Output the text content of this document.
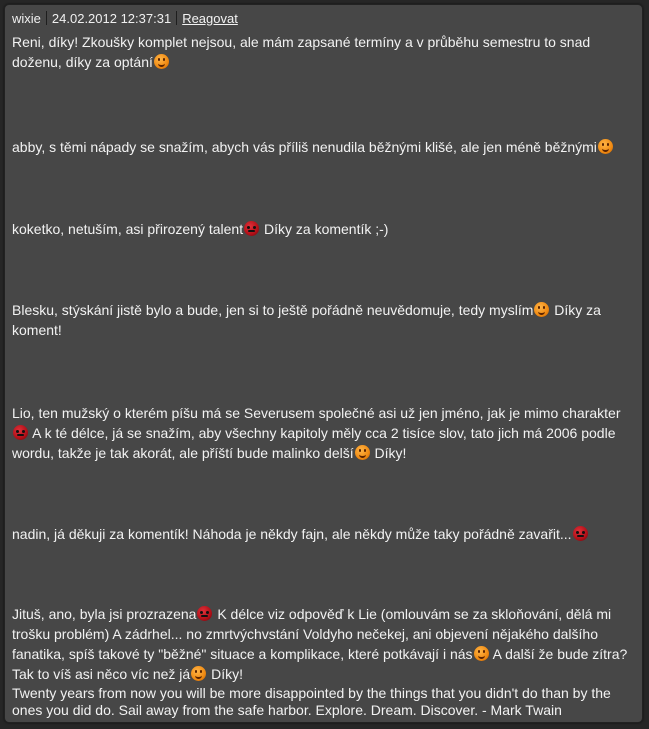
wixie 24.02.2012 12:37:31 Reagovat
Reni, díky! Zkoušky komplet nejsou, ale mám zapsané termíny a v průběhu semestru to snad doženu, díky za optání
abby, s těmi nápady se snažím, abych vás příliš nenudila běžnými klišé, ale jen méně běžnými
koketko, netuším, asi přirozený talent Díky za komentík ;-)
Blesku, stýskání jistě bylo a bude, jen si to ještě pořádně neuvědomuje, tedy myslím Díky za koment!
Lio, ten mužský o kterém píšu má se Severusem společné asi už jen jméno, jak je mimo charakter  A k té délce, já se snažím, aby všechny kapitoly měly cca 2 tisíce slov, tato jich má 2006 podle wordu, takže je tak akorát, ale příští bude malinko delší Díky!
nadin, já děkuji za komentík! Náhoda je někdy fajn, ale někdy může taky pořádně zavařit...
Jituš, ano, byla jsi prozrazena K délce viz odpověď k Lie (omlouvám se za skloňování, dělá mi trošku problém) A zádrhel... no zmrtvýchvstání Voldyho nečekej, ani objevení nějakého dalšího fanatika, spíš takové ty "běžné" situace a komplikace, které potkávají i nás A další že bude zítra? Tak to víš asi něco víc než já Díky!
Twenty years from now you will be more disappointed by the things that you didn't do than by the ones you did do. Sail away from the safe harbor. Explore. Dream. Discover. - Mark Twain
